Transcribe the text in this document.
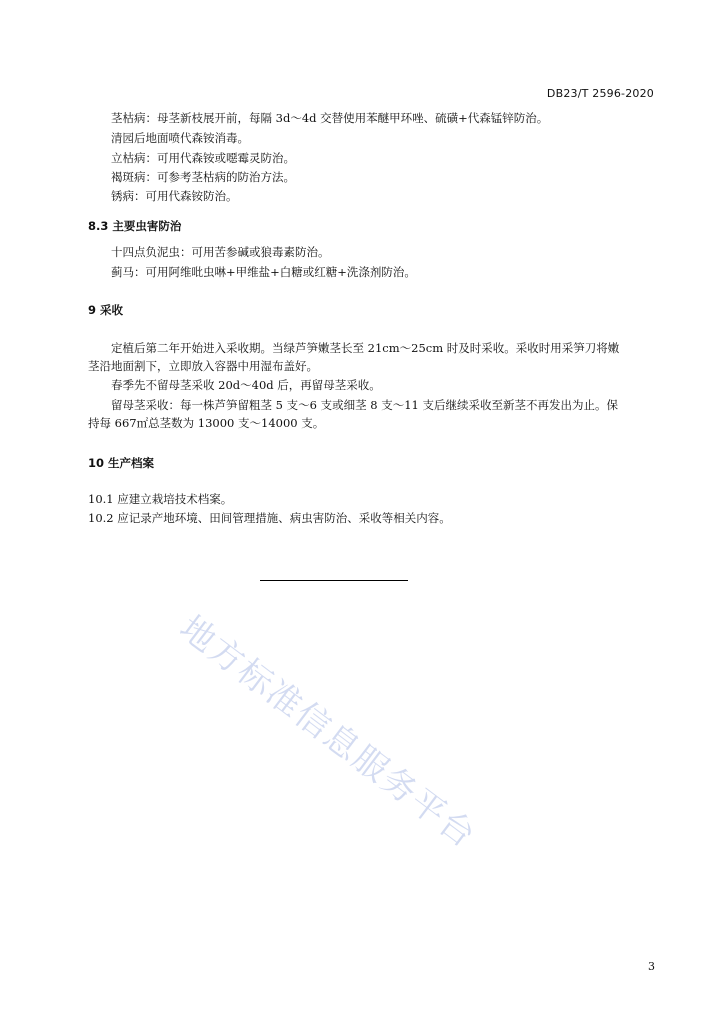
DB23/T 2596-2020
茎枯病：母茎新枝展开前，每隔 3d～4d 交替使用苯醚甲环唑、硫磺+代森锰锌防治。
清园后地面喷代森铵消毒。
立枯病：可用代森铵或噁霉灵防治。
褐斑病：可参考茎枯病的防治方法。
锈病：可用代森铵防治。
8.3 主要虫害防治
十四点负泥虫：可用苦参碱或狼毒素防治。
蓟马：可用阿维吡虫啉+甲维盐+白糖或红糖+洗涤剂防治。
9 采收
定植后第二年开始进入采收期。当绿芦笋嫩茎长至 21cm～25cm 时及时采收。采收时用采笋刀将嫩
茎沿地面割下，立即放入容器中用湿布盖好。
春季先不留母茎采收 20d～40d 后，再留母茎采收。
留母茎采收：每一株芦笋留粗茎 5 支～6 支或细茎 8 支～11 支后继续采收至新茎不再发出为止。保
持每 667㎡总茎数为 13000 支～14000 支。
10 生产档案
10.1 应建立栽培技术档案。
10.2 应记录产地环境、田间管理措施、病虫害防治、采收等相关内容。
地方标准信息服务平台
3
